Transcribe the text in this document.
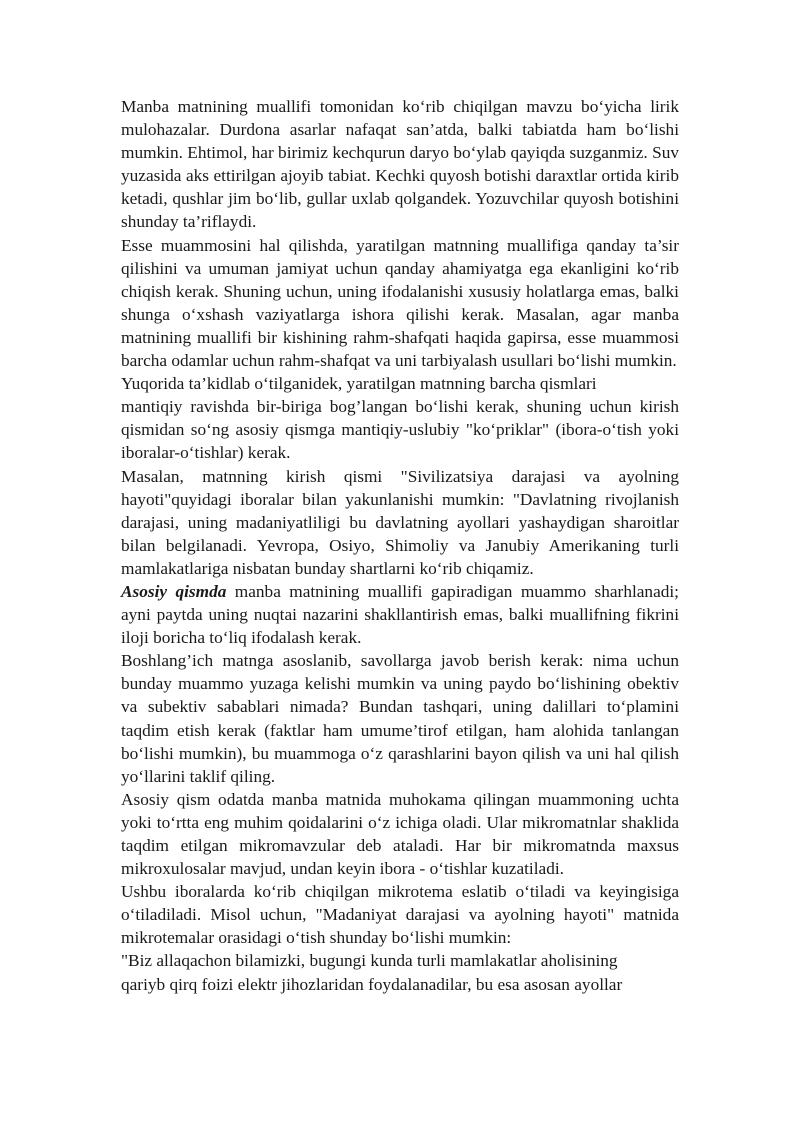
Manba matnining muallifi tomonidan ko‘rib chiqilgan mavzu bo‘yicha lirik mulohazalar. Durdona asarlar nafaqat san’atda, balki tabiatda ham bo‘lishi mumkin. Ehtimol, har birimiz kechqurun daryo bo‘ylab qayiqda suzganmiz. Suv yuzasida aks ettirilgan ajoyib tabiat. Kechki quyosh botishi daraxtlar ortida kirib ketadi, qushlar jim bo‘lib, gullar uxlab qolgandek. Yozuvchilar quyosh botishini shunday ta’riflaydi.

Esse muammosini hal qilishda, yaratilgan matnning muallifiga qanday ta’sir qilishini va umuman jamiyat uchun qanday ahamiyatga ega ekanligini ko‘rib chiqish kerak. Shuning uchun, uning ifodalanishi xususiy holatlarga emas, balki shunga o‘xshash vaziyatlarga ishora qilishi kerak. Masalan, agar manba matnining muallifi bir kishining rahm-shafqati haqida gapirsa, esse muammosi barcha odamlar uchun rahm-shafqat va uni tarbiyalash usullari bo‘lishi mumkin.

Yuqorida ta’kidlab o‘tilganidek, yaratilgan matnning barcha qismlari

mantiqiy ravishda bir-biriga bog’langan bo‘lishi kerak, shuning uchun kirish qismidan so‘ng asosiy qismga mantiqiy-uslubiy "ko‘priklar" (ibora-o‘tish yoki iboralar-o‘tishlar) kerak.

Masalan, matnning kirish qismi "Sivilizatsiya darajasi va ayolning hayoti"quyidagi iboralar bilan yakunlanishi mumkin: "Davlatning rivojlanish darajasi, uning madaniyatliligi bu davlatning ayollari yashaydigan sharoitlar bilan belgilanadi. Yevropa, Osiyo, Shimoliy va Janubiy Amerikaning turli mamlakatlariga nisbatan bunday shartlarni ko‘rib chiqamiz.

Asosiy qismda manba matnining muallifi gapiradigan muammo sharhlanadi; ayni paytda uning nuqtai nazarini shakllantirish emas, balki muallifning fikrini iloji boricha to‘liq ifodalash kerak.

Boshlang’ich matnga asoslanib, savollarga javob berish kerak: nima uchun bunday muammo yuzaga kelishi mumkin va uning paydo bo‘lishining obektiv va subektiv sabablari nimada? Bundan tashqari, uning dalillari to‘plamini taqdim etish kerak (faktlar ham umume’tirof etilgan, ham alohida tanlangan bo‘lishi mumkin), bu muammoga o‘z qarashlarini bayon qilish va uni hal qilish yo‘llarini taklif qiling.

Asosiy qism odatda manba matnida muhokama qilingan muammoning uchta yoki to‘rtta eng muhim qoidalarini o‘z ichiga oladi. Ular mikromatnlar shaklida taqdim etilgan mikromavzular deb ataladi. Har bir mikromatnda maxsus mikroxulosalar mavjud, undan keyin ibora - o‘tishlar kuzatiladi.

Ushbu iboralarda ko‘rib chiqilgan mikrotema eslatib o‘tiladi va keyingisiga o‘tiladiladi. Misol uchun, "Madaniyat darajasi va ayolning hayoti" matnida mikrotemalar orasidagi o‘tish shunday bo‘lishi mumkin:

"Biz allaqachon bilamizki, bugungi kunda turli mamlakatlar aholisining

qariyb qirq foizi elektr jihozlaridan foydalanadilar, bu esa asosan ayollar
